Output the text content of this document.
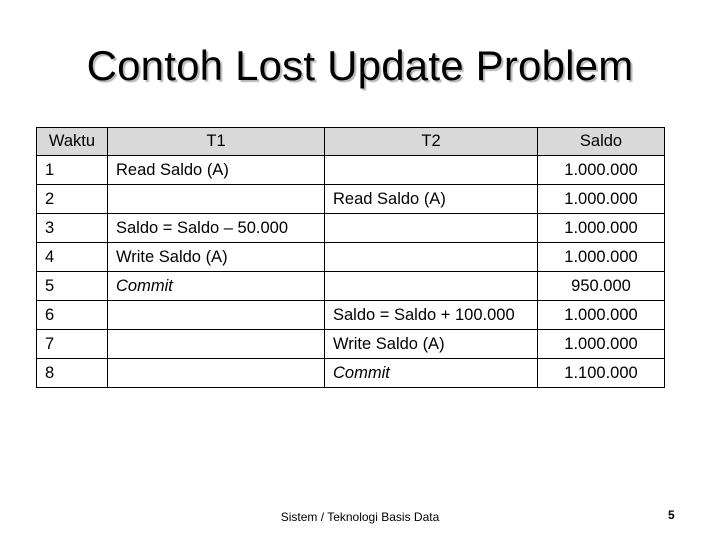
Contoh Lost Update Problem
Waktu	T1	T2	Saldo
1	Read Saldo (A)		1.000.000
2		Read Saldo (A)	1.000.000
3	Saldo = Saldo – 50.000		1.000.000
4	Write Saldo (A)		1.000.000
5	Commit		950.000
6		Saldo = Saldo + 100.000	1.000.000
7		Write Saldo (A)	1.000.000
8		Commit	1.100.000
Sistem / Teknologi Basis Data	5
